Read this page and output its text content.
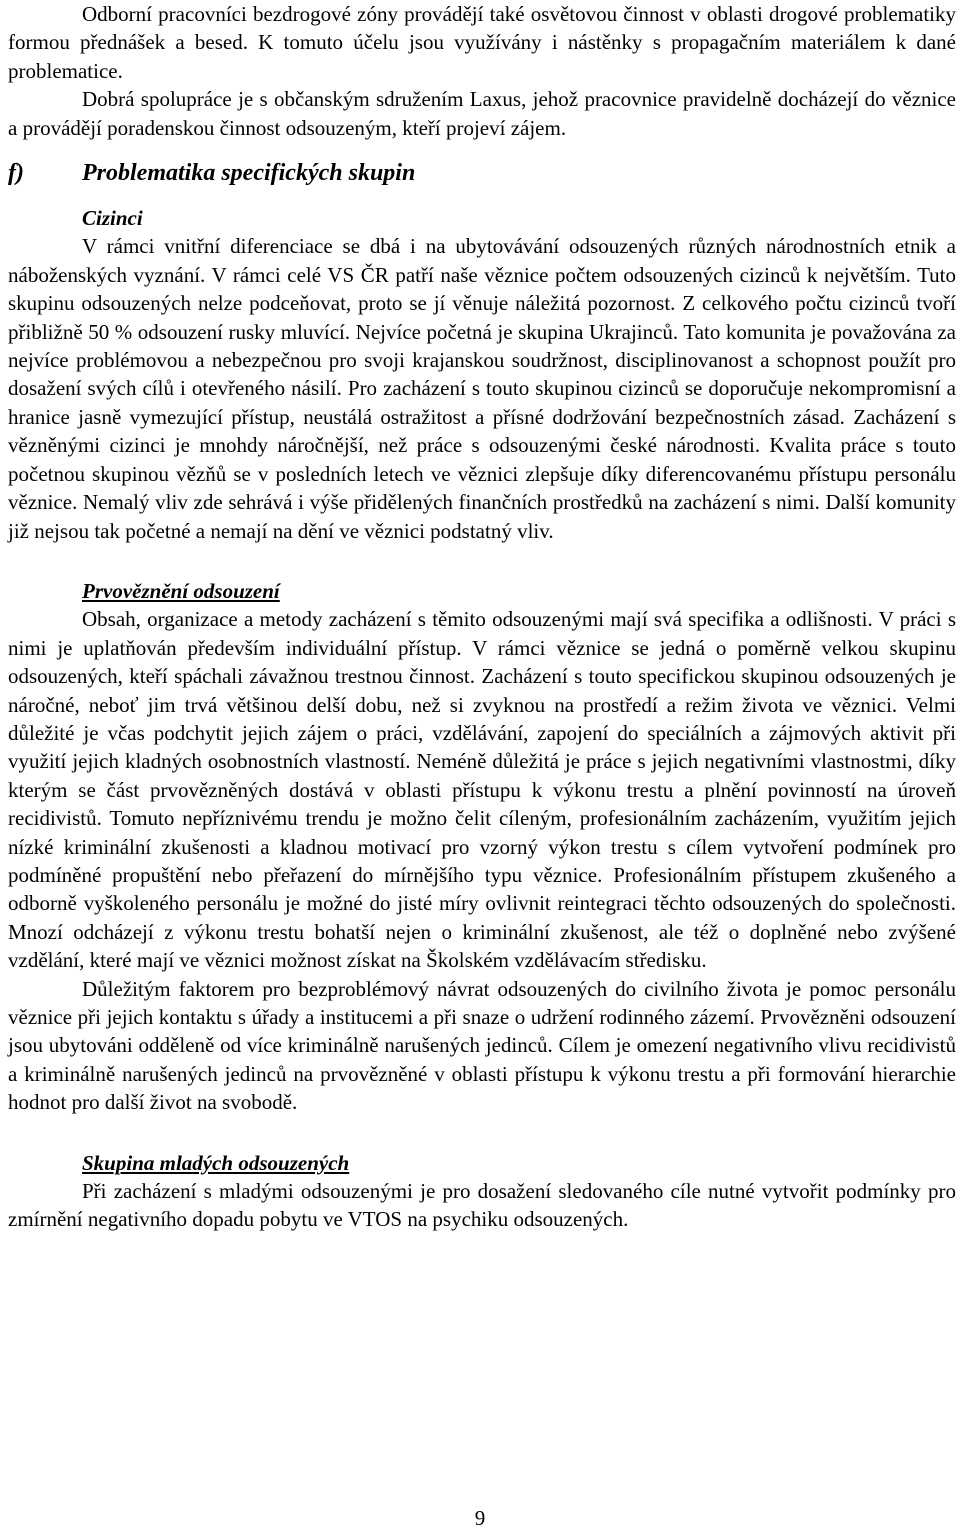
Odborní pracovníci bezdrogové zóny provádějí také osvětovou činnost v oblasti drogové problematiky formou přednášek a besed. K tomuto účelu jsou využívány i nástěnky s propagačním materiálem k dané problematice.

Dobrá spolupráce je s občanským sdružením Laxus, jehož pracovnice pravidelně docházejí do věznice a provádějí poradenskou činnost odsouzeným, kteří projeví zájem.

f)	Problematika specifických skupin
Cizinci

V rámci vnitřní diferenciace se dbá i na ubytovávání odsouzených různých národnostních etnik a náboženských vyznání. V rámci celé VS ČR patří naše věznice počtem odsouzených cizinců k největším. Tuto skupinu odsouzených nelze podceňovat, proto se jí věnuje náležitá pozornost. Z celkového počtu cizinců tvoří přibližně 50 % odsouzení rusky mluvící. Nejvíce početná je skupina Ukrajinců. Tato komunita je považována za nejvíce problémovou a nebezpečnou pro svoji krajanskou soudržnost, disciplinovanost a schopnost použít pro dosažení svých cílů i otevřeného násilí. Pro zacházení s touto skupinou cizinců se doporučuje nekompromisní a hranice jasně vymezující přístup, neustálá ostražitost a přísné dodržování bezpečnostních zásad. Zacházení s vězněnými cizinci je mnohdy náročnější, než práce s odsouzenými české národnosti. Kvalita práce s touto početnou skupinou vězňů se v posledních letech ve věznici zlepšuje díky diferencovanému přístupu personálu věznice. Nemalý vliv zde sehrává i výše přidělených finančních prostředků na zacházení s nimi. Další komunity již nejsou tak početné a nemají na dění ve věznici podstatný vliv.

Prvověznění odsouzení

Obsah, organizace a metody zacházení s těmito odsouzenými mají svá specifika a odlišnosti. V práci s nimi je uplatňován především individuální přístup. V rámci věznice se jedná o poměrně velkou skupinu odsouzených, kteří spáchali závažnou trestnou činnost. Zacházení s touto specifickou skupinou odsouzených je náročné, neboť jim trvá většinou delší dobu, než si zvyknou na prostředí a režim života ve věznici. Velmi důležité je včas podchytit jejich zájem o práci, vzdělávání, zapojení do speciálních a zájmových aktivit při využití jejich kladných osobnostních vlastností. Neméně důležitá je práce s jejich negativními vlastnostmi, díky kterým se část prvovězněných dostává v oblasti přístupu k výkonu trestu a plnění povinností na úroveň recidivistů. Tomuto nepříznivému trendu je možno čelit cíleným, profesionálním zacházením, využitím jejich nízké kriminální zkušenosti a kladnou motivací pro vzorný výkon trestu s cílem vytvoření podmínek pro podmíněné propuštění nebo přeřazení do mírnějšího typu věznice. Profesionálním přístupem zkušeného a odborně vyškoleného personálu je možné do jisté míry ovlivnit reintegraci těchto odsouzených do společnosti. Mnozí odcházejí z výkonu trestu bohatší nejen o kriminální zkušenost, ale též o doplněné nebo zvýšené vzdělání, které mají ve věznici možnost získat na Školském vzdělávacím středisku.

Důležitým faktorem pro bezproblémový návrat odsouzených do civilního života je pomoc personálu věznice při jejich kontaktu s úřady a institucemi a při snaze o udržení rodinného zázemí. Prvovězněni odsouzení jsou ubytováni odděleně od více kriminálně narušených jedinců. Cílem je omezení negativního vlivu recidivistů a kriminálně narušených jedinců na prvovězněné v oblasti přístupu k výkonu trestu a při formování hierarchie hodnot pro další život na svobodě.

Skupina mladých odsouzených

Při zacházení s mladými odsouzenými je pro dosažení sledovaného cíle nutné vytvořit podmínky pro zmírnění negativního dopadu pobytu ve VTOS na psychiku odsouzených.

9
